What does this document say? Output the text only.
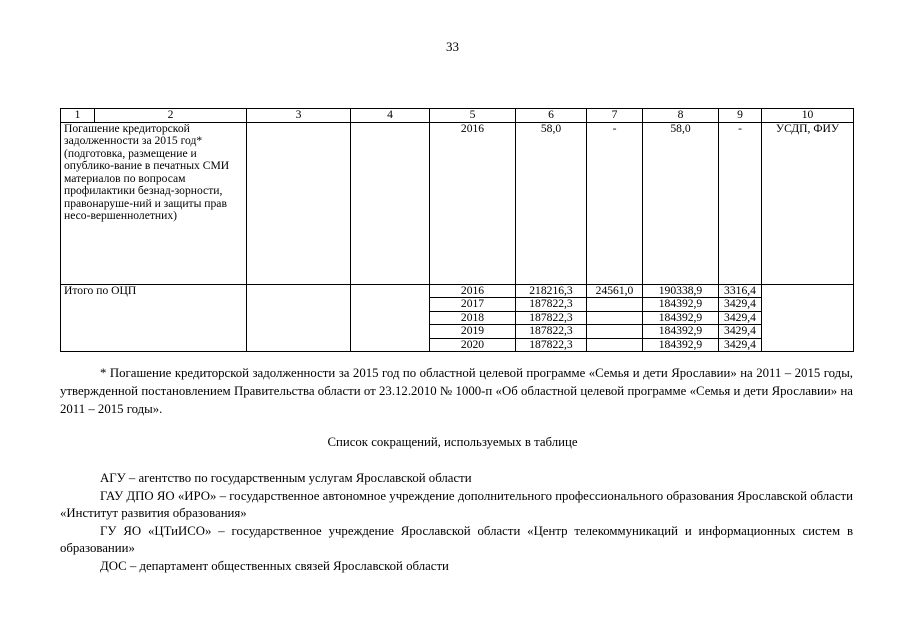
33
1	2	3	4	5	6	7	8	9	10
Погашение кредиторской задолженности за 2015 год* (подготовка, размещение и опублико-вание в печатных СМИ материалов по вопросам профилактики безнад-зорности, правонаруше-ний и защиты прав несо-вершеннолетних)				2016	58,0	-	58,0	-	УСДП, ФИУ
Итого по ОЦП				2016	218216,3	24561,0	190338,9	3316,4	
				2017	187822,3		184392,9	3429,4	
				2018	187822,3		184392,9	3429,4	
				2019	187822,3		184392,9	3429,4	
				2020	187822,3		184392,9	3429,4	

* Погашение кредиторской задолженности за 2015 год по областной целевой программе «Семья и дети Ярославии» на 2011 – 2015 годы, утвержденной постановлением Правительства области от 23.12.2010 № 1000-п «Об областной целевой программе «Семья и дети Ярославии» на 2011 – 2015 годы».

Список сокращений, используемых в таблице

АГУ – агентство по государственным услугам Ярославской области

ГАУ ДПО ЯО «ИРО» – государственное автономное учреждение дополнительного профессионального образования Ярославской области «Институт развития образования»

ГУ ЯО «ЦТиИСО» – государственное учреждение Ярославской области «Центр телекоммуникаций и информационных систем в образовании»

ДОС – департамент общественных связей Ярославской области
